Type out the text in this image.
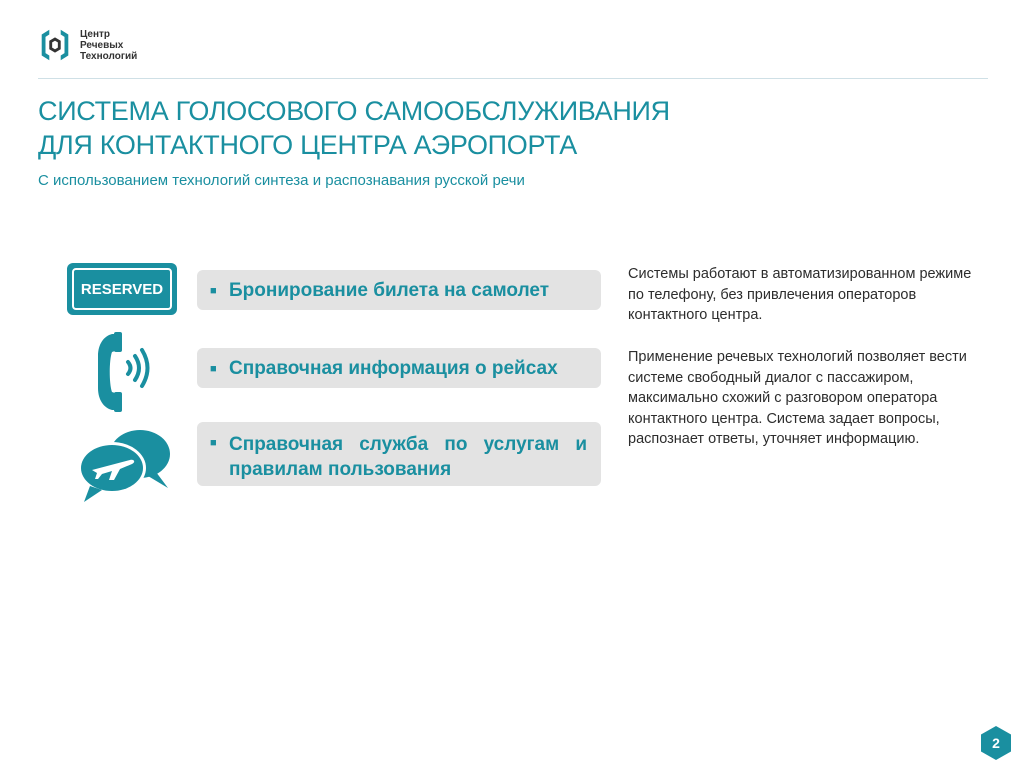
Центр
Речевых
Технологий
СИСТЕМА ГОЛОСОВОГО САМООБСЛУЖИВАНИЯ
ДЛЯ КОНТАКТНОГО ЦЕНТРА АЭРОПОРТА
С использованием технологий синтеза и распознавания русской речи
RESERVED	■ Бронирование билета на самолет
■ Справочная информация о рейсах
■ Справочная служба по услугам и правилам пользования
Системы работают в автоматизированном режиме по телефону, без привлечения операторов контактного центра.
Применение речевых технологий позволяет вести системе свободный диалог с пассажиром, максимально схожий с разговором оператора контактного центра. Система задает вопросы, распознает ответы, уточняет информацию.
2
